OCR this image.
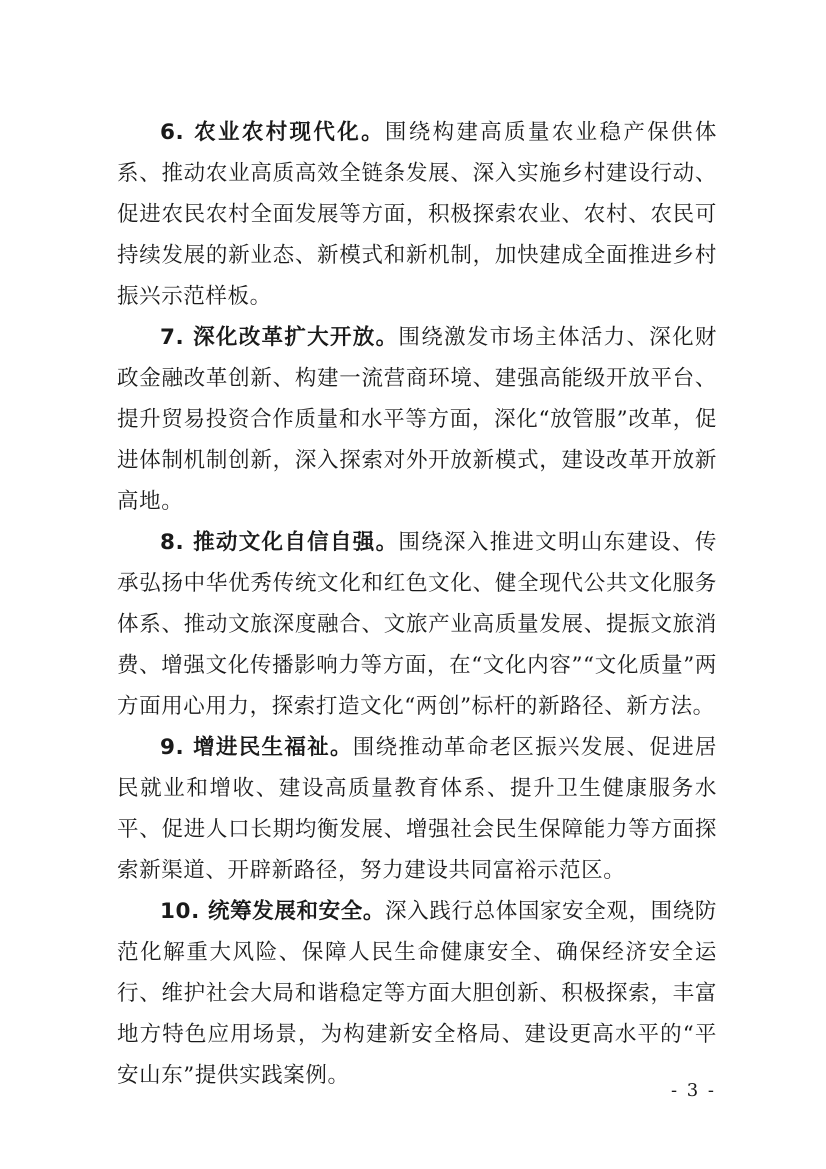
6. 农业农村现代化。围绕构建高质量农业稳产保供体系、推动农业高质高效全链条发展、深入实施乡村建设行动、促进农民农村全面发展等方面，积极探索农业、农村、农民可持续发展的新业态、新模式和新机制，加快建成全面推进乡村振兴示范样板。

7. 深化改革扩大开放。围绕激发市场主体活力、深化财政金融改革创新、构建一流营商环境、建强高能级开放平台、提升贸易投资合作质量和水平等方面，深化“放管服”改革，促进体制机制创新，深入探索对外开放新模式，建设改革开放新高地。

8. 推动文化自信自强。围绕深入推进文明山东建设、传承弘扬中华优秀传统文化和红色文化、健全现代公共文化服务体系、推动文旅深度融合、文旅产业高质量发展、提振文旅消费、增强文化传播影响力等方面，在“文化内容”“文化质量”两方面用心用力，探索打造文化“两创”标杆的新路径、新方法。

9. 增进民生福祉。围绕推动革命老区振兴发展、促进居民就业和增收、建设高质量教育体系、提升卫生健康服务水平、促进人口长期均衡发展、增强社会民生保障能力等方面探索新渠道、开辟新路径，努力建设共同富裕示范区。

10. 统筹发展和安全。深入践行总体国家安全观，围绕防范化解重大风险、保障人民生命健康安全、确保经济安全运行、维护社会大局和谐稳定等方面大胆创新、积极探索，丰富地方特色应用场景，为构建新安全格局、建设更高水平的“平安山东”提供实践案例。

- 3 -
